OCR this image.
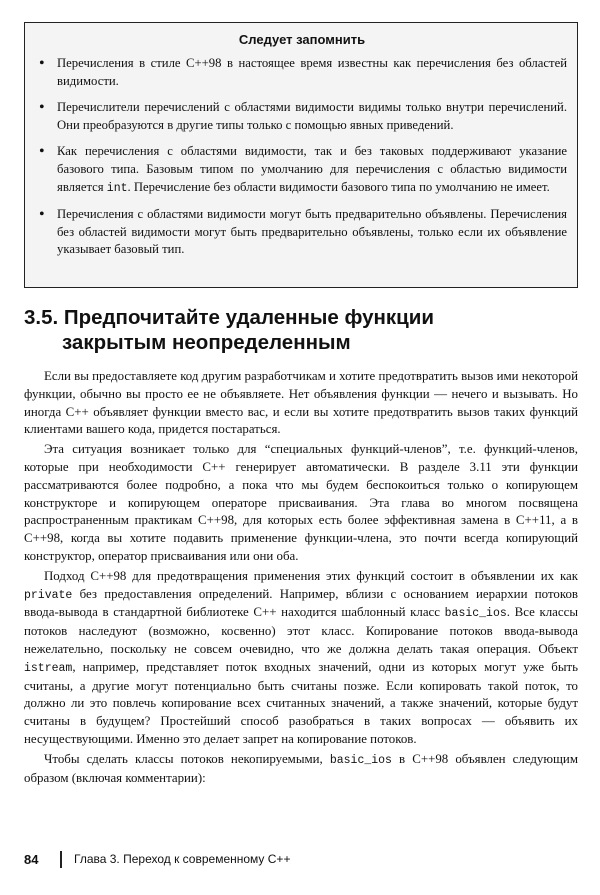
Следует запомнить
• Перечисления в стиле C++98 в настоящее время известны как перечисления без областей видимости.
• Перечислители перечислений с областями видимости видимы только внутри перечислений. Они преобразуются в другие типы только с помощью явных приведений.
• Как перечисления с областями видимости, так и без таковых поддерживают указание базового типа. Базовым типом по умолчанию для перечисления с областью видимости является int. Перечисление без области видимости базового типа по умолчанию не имеет.
• Перечисления с областями видимости могут быть предварительно объявлены. Перечисления без областей видимости могут быть предварительно объявлены, только если их объявление указывает базовый тип.
3.5. Предпочитайте удаленные функции
закрытым неопределенным

Если вы предоставляете код другим разработчикам и хотите предотвратить вызов ими некоторой функции, обычно вы просто ее не объявляете. Нет объявления функции — нечего и вызывать. Но иногда C++ объявляет функции вместо вас, и если вы хотите предотвратить вызов таких функций клиентами вашего кода, придется постараться.

Эта ситуация возникает только для “специальных функций-членов”, т.е. функций-членов, которые при необходимости C++ генерирует автоматически. В разделе 3.11 эти функции рассматриваются более подробно, а пока что мы будем беспокоиться только о копирующем конструкторе и копирующем операторе присваивания. Эта глава во многом посвящена распространенным практикам C++98, для которых есть более эффективная замена в C++11, а в C++98, когда вы хотите подавить применение функции-члена, это почти всегда копирующий конструктор, оператор присваивания или они оба.

Подход C++98 для предотвращения применения этих функций состоит в объявлении их как private без предоставления определений. Например, вблизи с основанием иерархии потоков ввода-вывода в стандартной библиотеке C++ находится шаблонный класс basic_ios. Все классы потоков наследуют (возможно, косвенно) этот класс. Копирование потоков ввода-вывода нежелательно, поскольку не совсем очевидно, что же должна делать такая операция. Объект istream, например, представляет поток входных значений, одни из которых могут уже быть считаны, а другие могут потенциально быть считаны позже. Если копировать такой поток, то должно ли это повлечь копирование всех считанных значений, а также значений, которые будут считаны в будущем? Простейший способ разобраться в таких вопросах — объявить их несуществующими. Именно это делает запрет на копирование потоков.

Чтобы сделать классы потоков некопируемыми, basic_ios в C++98 объявлен следующим образом (включая комментарии):

84	Глава 3. Переход к современному C++
